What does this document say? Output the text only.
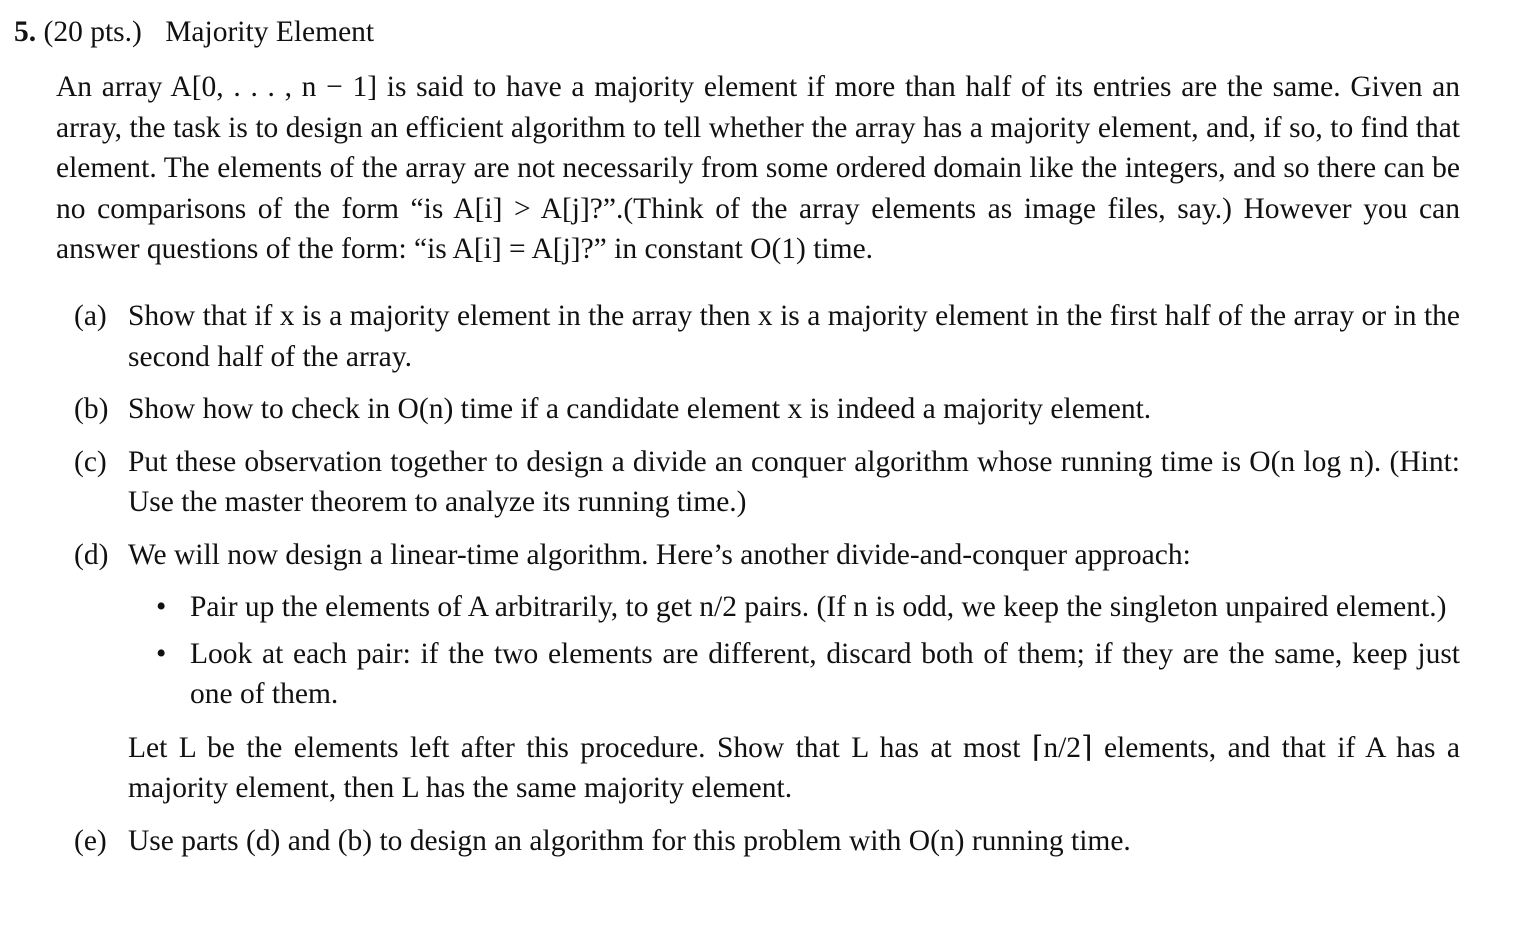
5. (20 pts.) Majority Element
An array A[0, . . . , n − 1] is said to have a majority element if more than half of its entries are the same. Given an array, the task is to design an efficient algorithm to tell whether the array has a majority element, and, if so, to find that element. The elements of the array are not necessarily from some ordered domain like the integers, and so there can be no comparisons of the form “is A[i] > A[j]?”.(Think of the array elements as image files, say.) However you can answer questions of the form: “is A[i] = A[j]?” in constant O(1) time.
(a) Show that if x is a majority element in the array then x is a majority element in the first half of the array or in the second half of the array.
(b) Show how to check in O(n) time if a candidate element x is indeed a majority element.
(c) Put these observation together to design a divide an conquer algorithm whose running time is O(n log n). (Hint: Use the master theorem to analyze its running time.)
(d) We will now design a linear-time algorithm. Here’s another divide-and-conquer approach:
• Pair up the elements of A arbitrarily, to get n/2 pairs. (If n is odd, we keep the singleton unpaired element.)
• Look at each pair: if the two elements are different, discard both of them; if they are the same, keep just one of them.
Let L be the elements left after this procedure. Show that L has at most ⌈n/2⌉ elements, and that if A has a majority element, then L has the same majority element.
(e) Use parts (d) and (b) to design an algorithm for this problem with O(n) running time.
